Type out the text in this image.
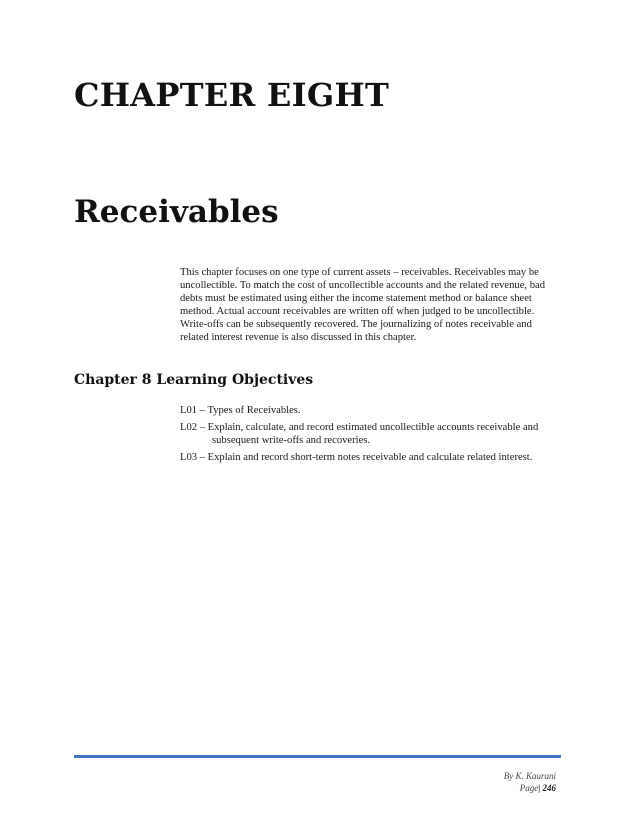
CHAPTER EIGHT
Receivables

This chapter focuses on one type of current assets – receivables. Receivables may be uncollectible. To match the cost of uncollectible accounts and the related revenue, bad debts must be estimated using either the income statement method or balance sheet method. Actual account receivables are written off when judged to be uncollectible. Write-offs can be subsequently recovered. The journalizing of notes receivable and related interest revenue is also discussed in this chapter.

Chapter 8 Learning Objectives
L01 – Types of Receivables.
L02 – Explain, calculate, and record estimated uncollectible accounts receivable and subsequent write-offs and recoveries.
L03 – Explain and record short-term notes receivable and calculate related interest.
By K. Kaurani
Page| 246
